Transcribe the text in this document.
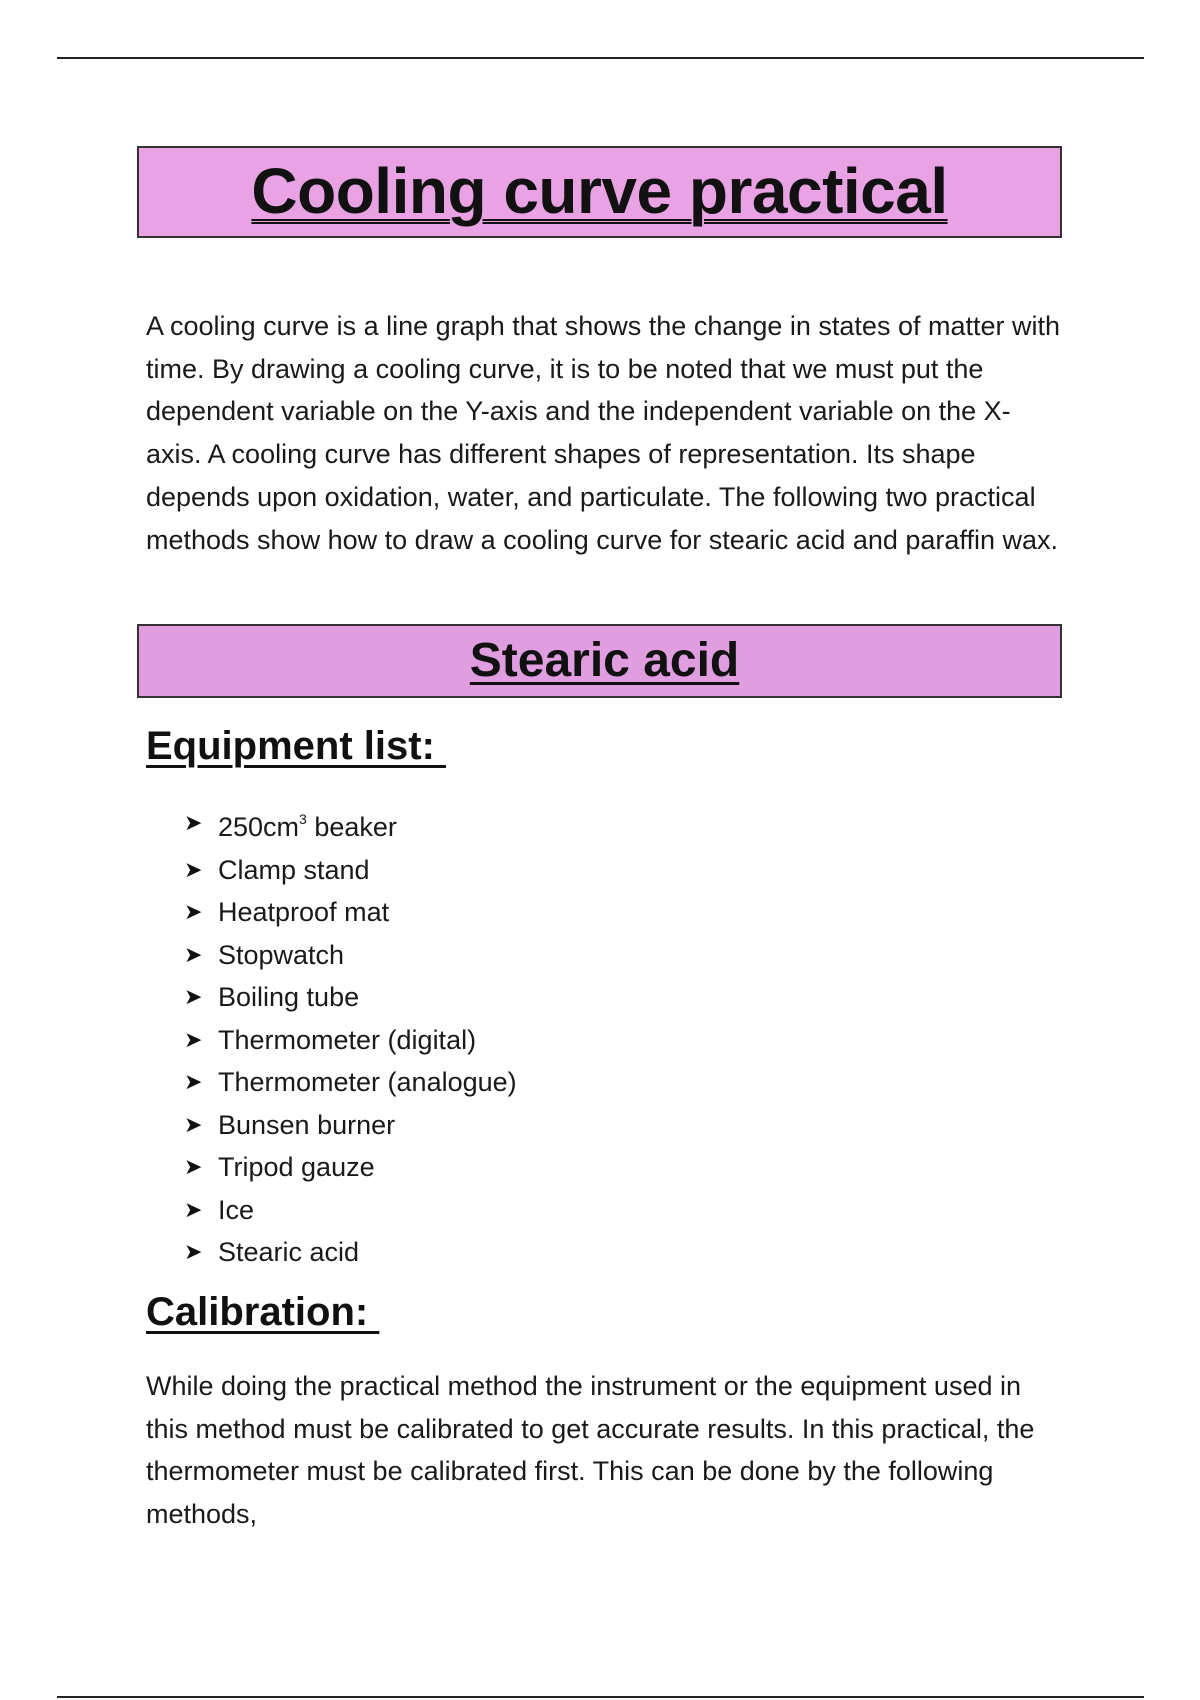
Cooling curve practical

A cooling curve is a line graph that shows the change in states of matter with time. By drawing a cooling curve, it is to be noted that we must put the dependent variable on the Y-axis and the independent variable on the X-axis. A cooling curve has different shapes of representation. Its shape depends upon oxidation, water, and particulate. The following two practical methods show how to draw a cooling curve for stearic acid and paraffin wax.

Stearic acid
Equipment list:
➤ $250cm^3$ beaker
➤ Clamp stand
➤ Heatproof mat
➤ Stopwatch
➤ Boiling tube
➤ Thermometer (digital)
➤ Thermometer (analogue)
➤ Bunsen burner
➤ Tripod gauze
➤ Ice
➤ Stearic acid
Calibration:

While doing the practical method the instrument or the equipment used in this method must be calibrated to get accurate results. In this practical, the thermometer must be calibrated first. This can be done by the following methods,
